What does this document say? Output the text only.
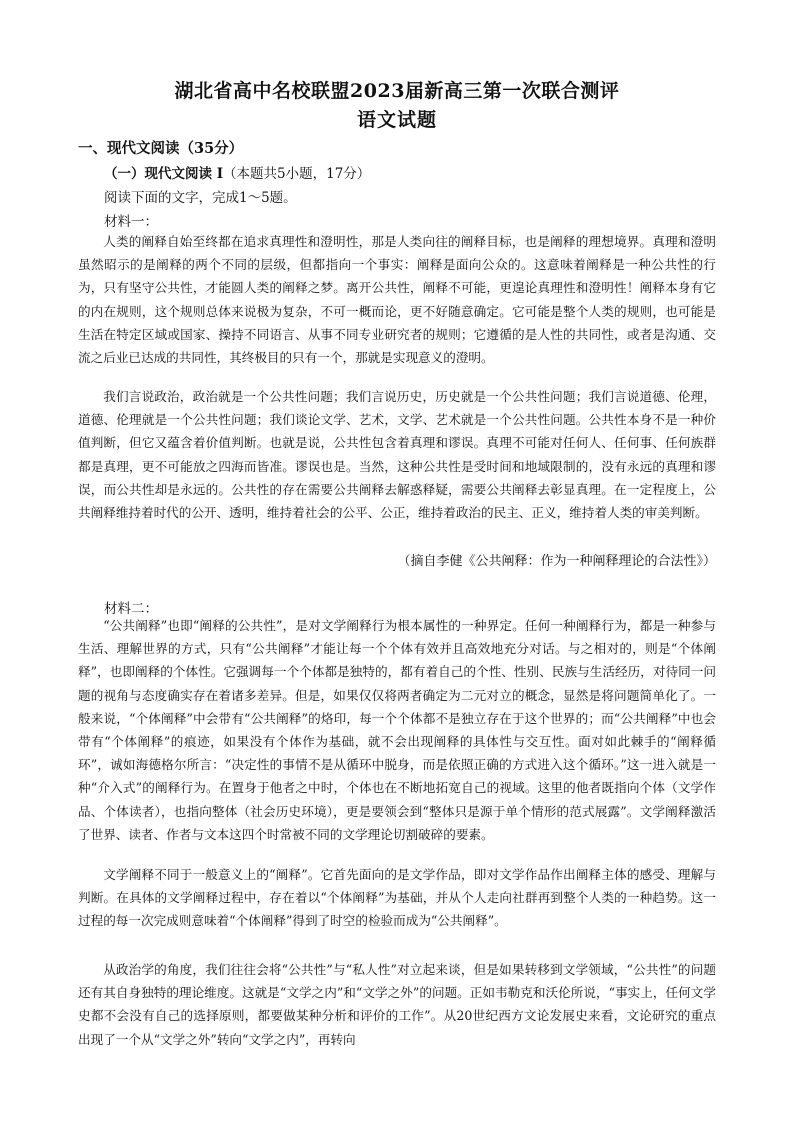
湖北省高中名校联盟2023届新高三第一次联合测评
语文试题
一、现代文阅读（35分）
（一）现代文阅读 I（本题共5小题，17分）
阅读下面的文字，完成1～5题。
材料一：
人类的阐释自始至终都在追求真理性和澄明性，那是人类向往的阐释目标，也是阐释的理想境界。真理和澄明虽然昭示的是阐释的两个不同的层级，但都指向一个事实：阐释是面向公众的。这意味着阐释是一种公共性的行为，只有坚守公共性，才能圆人类的阐释之梦。离开公共性，阐释不可能，更遑论真理性和澄明性！阐释本身有它的内在规则，这个规则总体来说极为复杂，不可一概而论，更不好随意确定。它可能是整个人类的规则，也可能是生活在特定区域或国家、操持不同语言、从事不同专业研究者的规则；它遵循的是人性的共同性，或者是沟通、交流之后业已达成的共同性，其终极目的只有一个，那就是实现意义的澄明。
我们言说政治，政治就是一个公共性问题；我们言说历史，历史就是一个公共性问题；我们言说道德、伦理，道德、伦理就是一个公共性问题；我们谈论文学、艺术，文学、艺术就是一个公共性问题。公共性本身不是一种价值判断，但它又蕴含着价值判断。也就是说，公共性包含着真理和谬误。真理不可能对任何人、任何事、任何族群都是真理，更不可能放之四海而皆准。谬误也是。当然，这种公共性是受时间和地域限制的，没有永远的真理和谬误，而公共性却是永远的。公共性的存在需要公共阐释去解惑释疑，需要公共阐释去彰显真理。在一定程度上，公共阐释维持着时代的公开、透明，维持着社会的公平、公正，维持着政治的民主、正义，维持着人类的审美判断。
（摘自李健《公共阐释：作为一种阐释理论的合法性》）
材料二：
“公共阐释”也即“阐释的公共性”，是对文学阐释行为根本属性的一种界定。任何一种阐释行为，都是一种参与生活、理解世界的方式，只有“公共阐释”才能让每一个个体有效并且高效地充分对话。与之相对的，则是“个体阐释”，也即阐释的个体性。它强调每一个个体都是独特的，都有着自己的个性、性别、民族与生活经历，对待同一问题的视角与态度确实存在着诸多差异。但是，如果仅仅将两者确定为二元对立的概念，显然是将问题简单化了。一般来说，“个体阐释”中会带有“公共阐释”的烙印，每一个个体都不是独立存在于这个世界的；而“公共阐释”中也会带有“个体阐释”的痕迹，如果没有个体作为基础，就不会出现阐释的具体性与交互性。面对如此棘手的“阐释循环”，诚如海德格尔所言：“决定性的事情不是从循环中脱身，而是依照正确的方式进入这个循环。”这一进入就是一种“介入式”的阐释行为。在置身于他者之中时，个体也在不断地拓宽自己的视域。这里的他者既指向个体（文学作品、个体读者），也指向整体（社会历史环境），更是要领会到“整体只是源于单个情形的范式展露”。文学阐释激活了世界、读者、作者与文本这四个时常被不同的文学理论切割破碎的要素。
文学阐释不同于一般意义上的“阐释”。它首先面向的是文学作品，即对文学作品作出阐释主体的感受、理解与判断。在具体的文学阐释过程中，存在着以“个体阐释”为基础，并从个人走向社群再到整个人类的一种趋势。这一过程的每一次完成则意味着“个体阐释”得到了时空的检验而成为“公共阐释”。
从政治学的角度，我们往往会将“公共性”与“私人性”对立起来谈，但是如果转移到文学领域，“公共性”的问题还有其自身独特的理论维度。这就是“文学之内”和“文学之外”的问题。正如韦勒克和沃伦所说，“事实上，任何文学史都不会没有自己的选择原则，都要做某种分析和评价的工作”。从20世纪西方文论发展史来看，文论研究的重点出现了一个从“文学之外”转向“文学之内”，再转向
